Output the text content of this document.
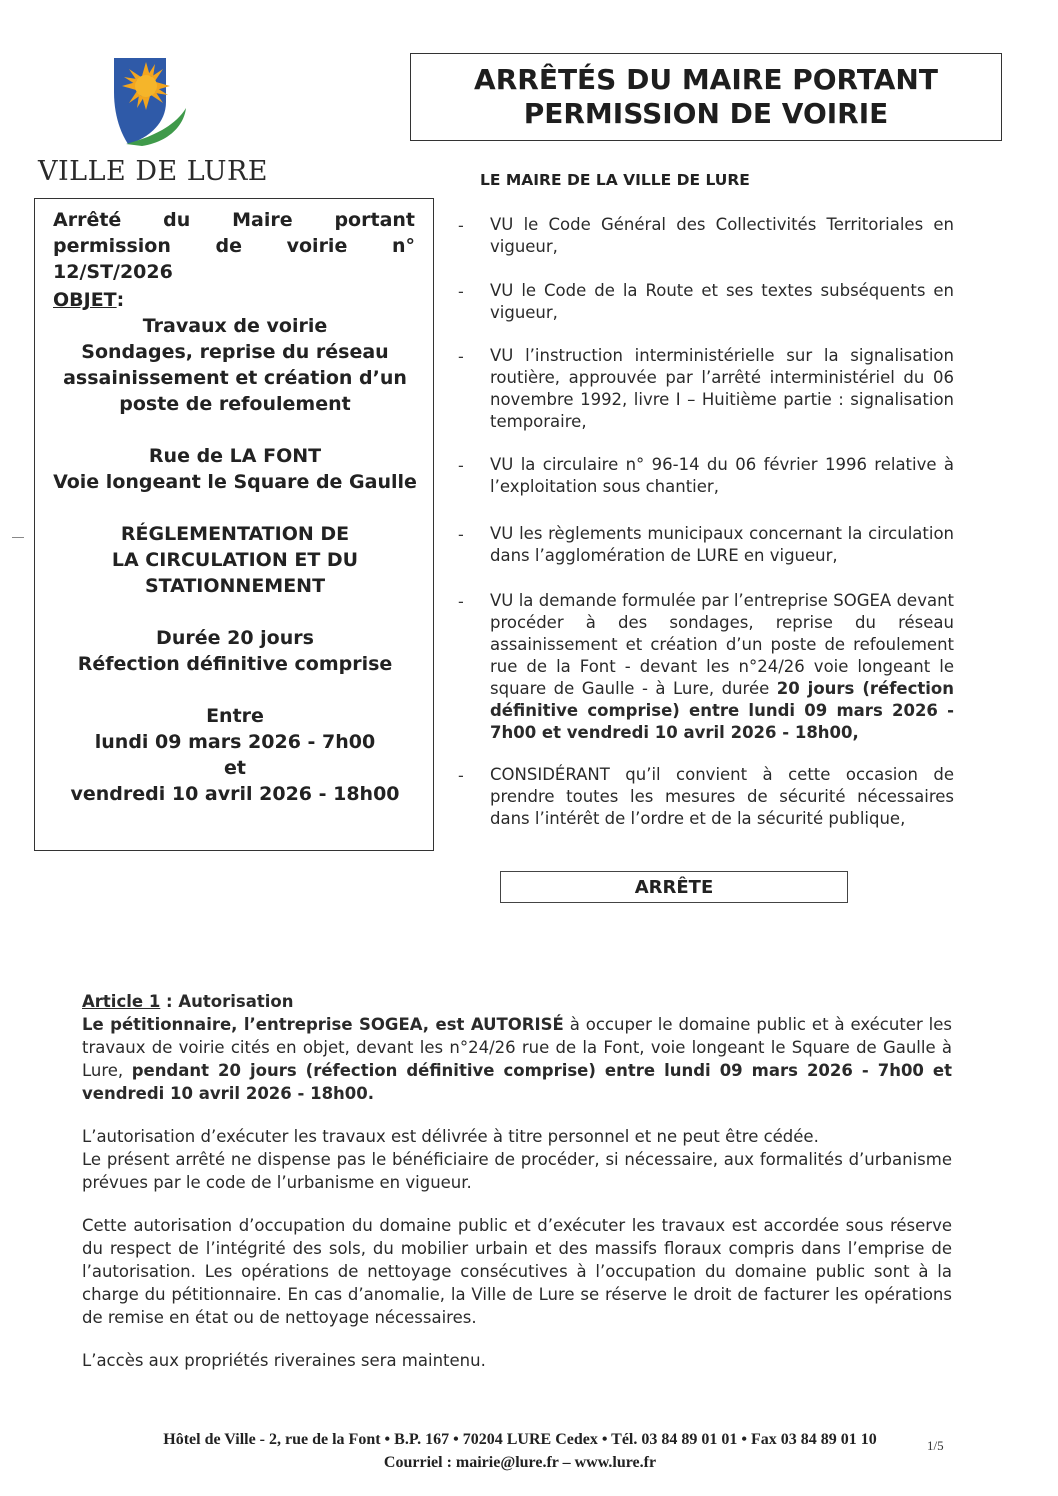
VILLE DE LURE
ARRÊTÉS DU MAIRE PORTANT
PERMISSION DE VOIRIE
Arrêté du Maire portant permission de voirie n° 12/ST/2026
OBJET:
Travaux de voirie
Sondages, reprise du réseau assainissement et création d’un poste de refoulement
Rue de LA FONT
Voie longeant le Square de Gaulle
RÉGLEMENTATION DE LA CIRCULATION ET DU STATIONNEMENT
Durée 20 jours
Réfection définitive comprise
Entre
lundi 09 mars 2026 - 7h00
et
vendredi 10 avril 2026 - 18h00
LE MAIRE DE LA VILLE DE LURE
- VU le Code Général des Collectivités Territoriales en vigueur,
- VU le Code de la Route et ses textes subséquents en vigueur,
- VU l’instruction interministérielle sur la signalisation routière, approuvée par l’arrêté interministériel du 06 novembre 1992, livre I – Huitième partie : signalisation temporaire,
- VU la circulaire n° 96-14 du 06 février 1996 relative à l’exploitation sous chantier,
- VU les règlements municipaux concernant la circulation dans l’agglomération de LURE en vigueur,
- VU la demande formulée par l’entreprise SOGEA devant procéder à des sondages, reprise du réseau assainissement et création d’un poste de refoulement rue de la Font - devant les n°24/26 voie longeant le square de Gaulle - à Lure, durée 20 jours (réfection définitive comprise) entre lundi 09 mars 2026 - 7h00 et vendredi 10 avril 2026 - 18h00,
- CONSIDÉRANT qu’il convient à cette occasion de prendre toutes les mesures de sécurité nécessaires dans l’intérêt de l’ordre et de la sécurité publique,
ARRÊTE
Article 1 : Autorisation

Le pétitionnaire, l’entreprise SOGEA, est AUTORISÉ à occuper le domaine public et à exécuter les travaux de voirie cités en objet, devant les n°24/26 rue de la Font, voie longeant le Square de Gaulle à Lure, pendant 20 jours (réfection définitive comprise) entre lundi 09 mars 2026 - 7h00 et vendredi 10 avril 2026 - 18h00.

L’autorisation d’exécuter les travaux est délivrée à titre personnel et ne peut être cédée.
Le présent arrêté ne dispense pas le bénéficiaire de procéder, si nécessaire, aux formalités d’urbanisme prévues par le code de l’urbanisme en vigueur.

Cette autorisation d’occupation du domaine public et d’exécuter les travaux est accordée sous réserve du respect de l’intégrité des sols, du mobilier urbain et des massifs floraux compris dans l’emprise de l’autorisation. Les opérations de nettoyage consécutives à l’occupation du domaine public sont à la charge du pétitionnaire. En cas d’anomalie, la Ville de Lure se réserve le droit de facturer les opérations de remise en état ou de nettoyage nécessaires.

L’accès aux propriétés riveraines sera maintenu.

Hôtel de Ville - 2, rue de la Font • B.P. 167 • 70204 LURE Cedex • Tél. 03 84 89 01 01 • Fax 03 84 89 01 10
Courriel : mairie@lure.fr – www.lure.fr
1/5
